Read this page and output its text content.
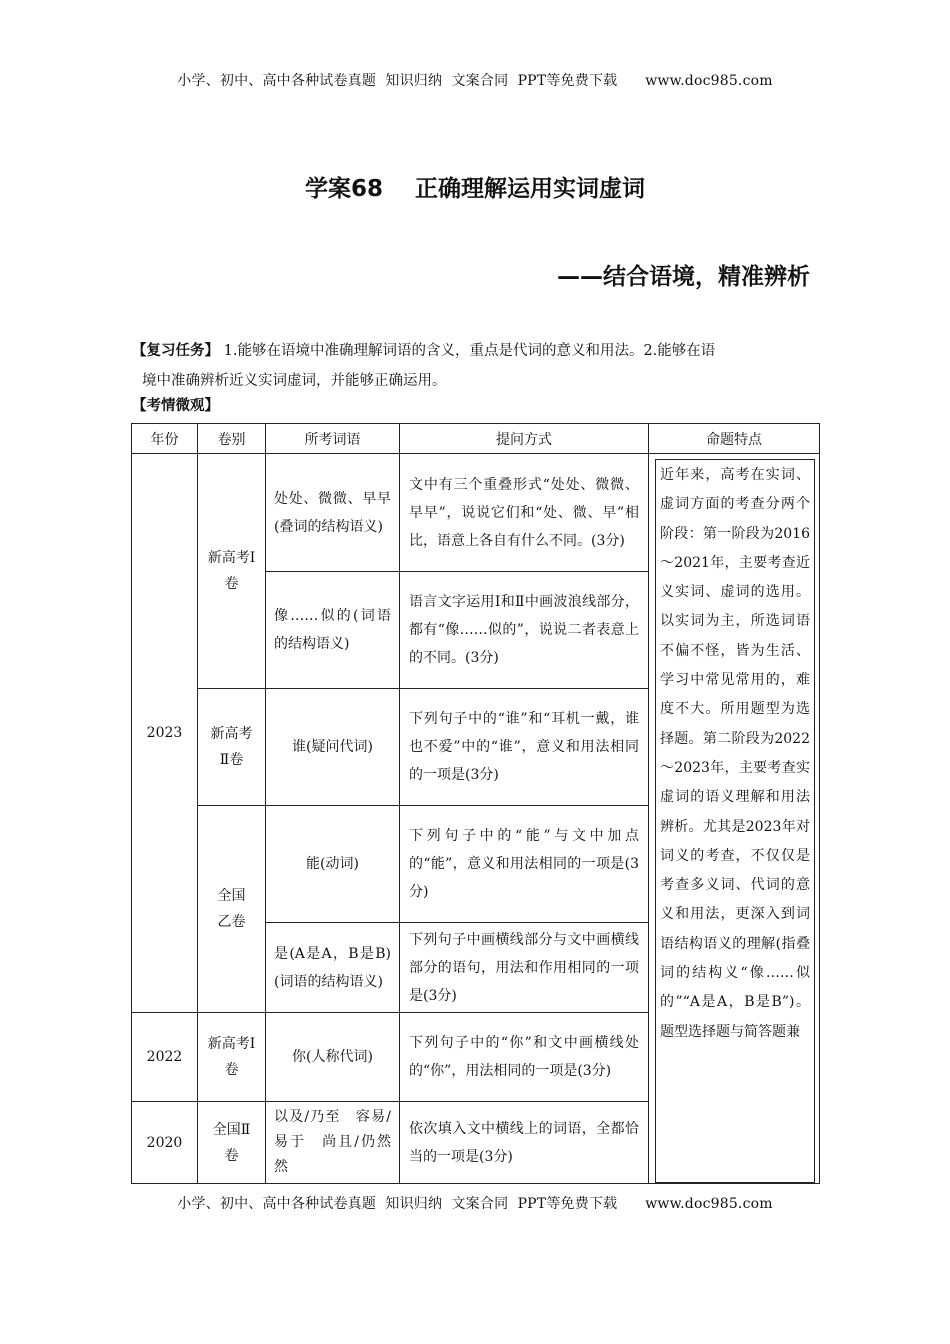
小学、初中、高中各种试卷真题  知识归纳  文案合同  PPT等免费下载      www.doc985.com
学案68    正确理解运用实词虚词
——结合语境，精准辨析
【复习任务】 1.能够在语境中准确理解词语的含义，重点是代词的意义和用法。2.能够在语
境中准确辨析近义实词虚词，并能够正确运用。
【考情微观】
年份	卷别	所考词语	提问方式	命题特点
2023	新高考Ⅰ卷	处处、微微、早早(叠词的结构语义)	文中有三个重叠形式“处处、微微、早早”，说说它们和“处、微、早”相比，语意上各自有什么不同。(3分)	近年来，高考在实词、虚词方面的考查分两个阶段：第一阶段为2016～2021年，主要考查近义实词、虚词的选用。以实词为主，所选词语不偏不怪，皆为生活、学习中常见常用的，难度不大。所用题型为选择题。第二阶段为2022～2023年，主要考查实虚词的语义理解和用法辨析。尤其是2023年对词义的考查，不仅仅是考查多义词、代词的意义和用法，更深入到词语结构语义的理解(指叠词的结构义“像……似的”“A是A，B是B”)。题型选择题与简答题兼

		像……似的(词语的结构语义)	语言文字运用Ⅰ和Ⅱ中画波浪线部分，都有“像……似的”，说说二者表意上的不同。(3分)	

	新高考Ⅱ卷	谁(疑问代词)	下列句子中的“谁”和“耳机一戴，谁也不爱”中的“谁”，意义和用法相同的一项是(3分)	

	全国乙卷	能(动词)	下列句子中的“能”与文中加点的“能”，意义和用法相同的一项是(3分)	
		是(A是A，B是B) (词语的结构语义)	下列句子中画横线部分与文中画横线部分的语句，用法和作用相同的一项是(3分)	
2022	新高考Ⅰ卷	你(人称代词)	下列句子中的“你”和文中画横线处的“你”，用法相同的一项是(3分)	
2020	全国Ⅱ卷	以及/乃至　容易/易于　尚且/仍然　然	依次填入文中横线上的词语，全都恰当的一项是(3分)	
小学、初中、高中各种试卷真题  知识归纳  文案合同  PPT等免费下载      www.doc985.com
